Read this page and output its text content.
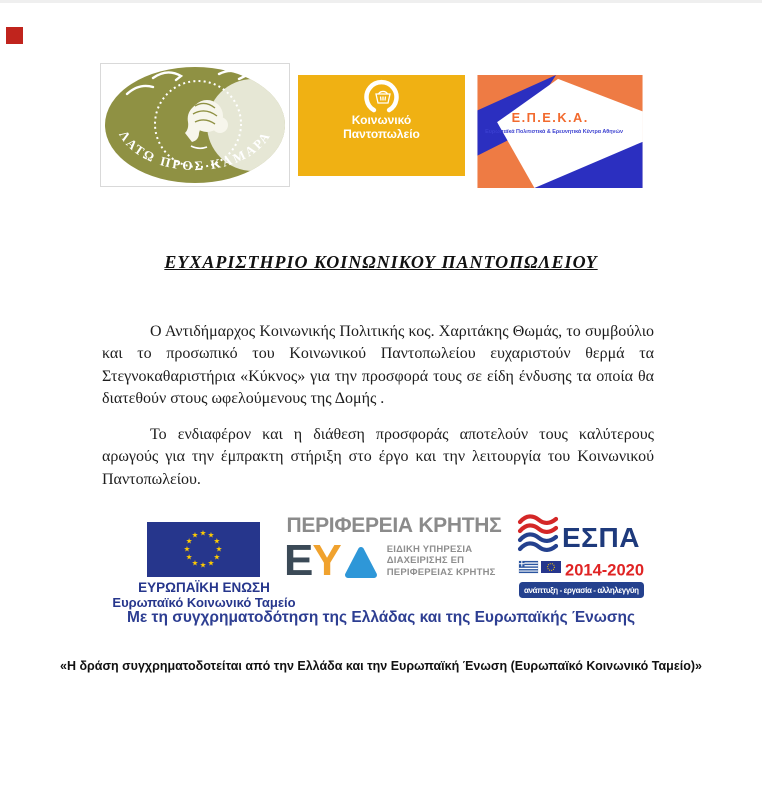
ΛΑΤΩ ΠΡΟΣ ΚΑΜΑΡΑ
Κοινωνικό
Παντοπωλείο
Ε.Π.Ε.Κ.Α.
Ευρωπαϊκά Πολιτιστικά & Ερευνητικά Κέντρα Αθηνών
ΕΥΧΑΡΙΣΤΗΡΙΟ ΚΟΙΝΩΝΙΚΟΥ ΠΑΝΤΟΠΩΛΕΙΟΥ
Ο Αντιδήμαρχος Κοινωνικής Πολιτικής κος. Χαριτάκης Θωμάς, το συμβούλιο και το προσωπικό του Κοινωνικού Παντοπωλείου ευχαριστούν θερμά τα Στεγνοκαθαριστήρια «Κύκνος» για την προσφορά τους σε είδη ένδυσης τα οποία θα διατεθούν στους ωφελούμενους της Δομής .
Το ενδιαφέρον και η διάθεση προσφοράς αποτελούν τους καλύτερους αρωγούς για την έμπρακτη στήριξη στο έργο και την λειτουργία του Κοινωνικού Παντοπωλείου.
★ ★
★
★
★
★
★
★
★
★
★
★
ΕΥΡΩΠΑΪΚΗ ΕΝΩΣΗ
Ευρωπαϊκό Κοινωνικό Ταμείο
ΠΕΡΙΦΕΡΕΙΑ ΚΡΗΤΗΣ
Ε Υ	ΕΙΔΙΚΗ ΥΠΗΡΕΣΙΑ
ΔΙΑΧΕΙΡΙΣΗΣ ΕΠ
ΠΕΡΙΦΕΡΕΙΑΣ ΚΡΗΤΗΣ
ΕΣΠΑ
2014-2020
ανάπτυξη - εργασία - αλληλεγγύη
Με τη συγχρηματοδότηση της Ελλάδας και της Ευρωπαϊκής Ένωσης
«Η δράση συγχρηματοδοτείται από την Ελλάδα και την Ευρωπαϊκή Ένωση (Ευρωπαϊκό Κοινωνικό Ταμείο)»
